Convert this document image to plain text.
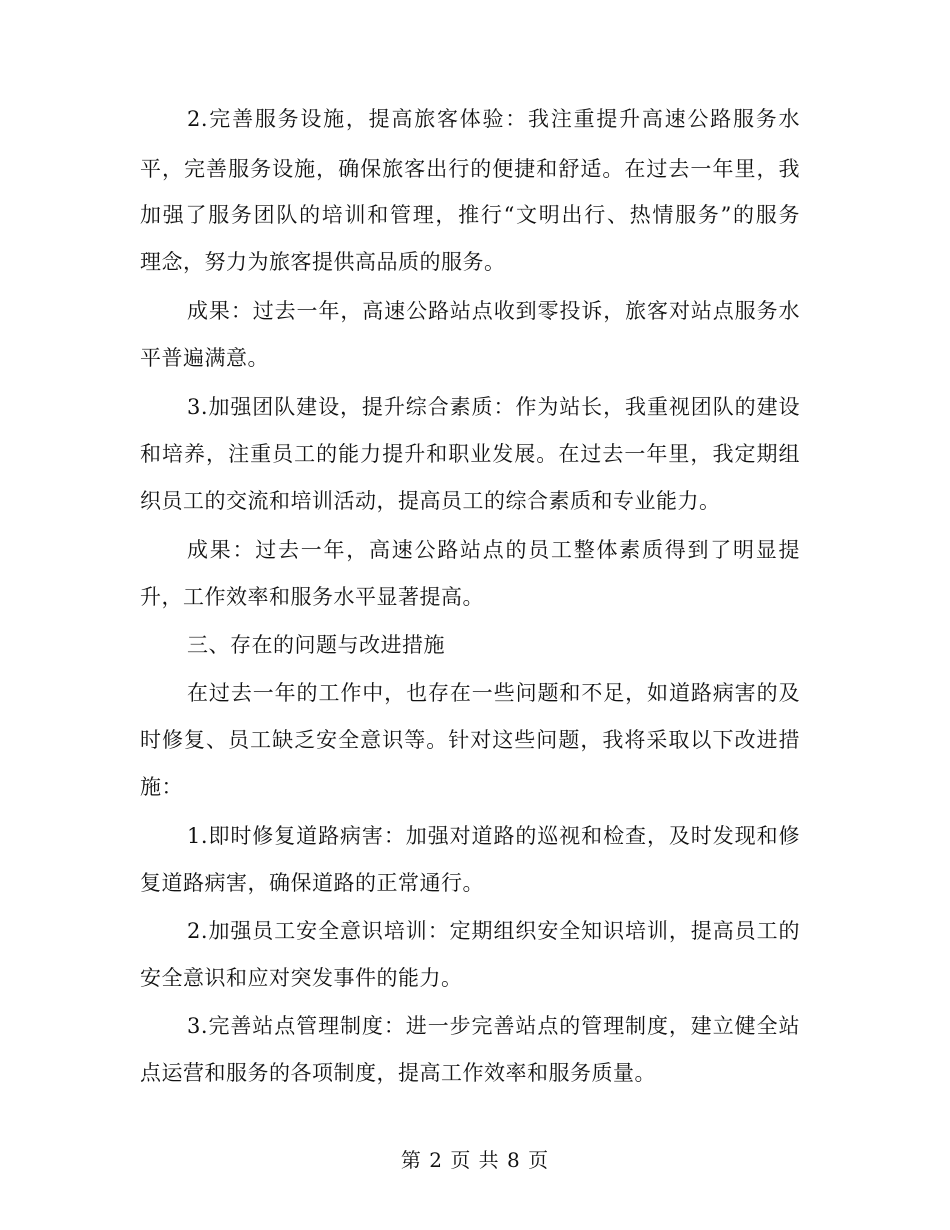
2.完善服务设施，提高旅客体验：我注重提升高速公路服务水
平，完善服务设施，确保旅客出行的便捷和舒适。在过去一年里，我
加强了服务团队的培训和管理，推行“文明出行、热情服务”的服务
理念，努力为旅客提供高品质的服务。
成果：过去一年，高速公路站点收到零投诉，旅客对站点服务水
平普遍满意。
3.加强团队建设，提升综合素质：作为站长，我重视团队的建设
和培养，注重员工的能力提升和职业发展。在过去一年里，我定期组
织员工的交流和培训活动，提高员工的综合素质和专业能力。
成果：过去一年，高速公路站点的员工整体素质得到了明显提
升，工作效率和服务水平显著提高。
三、存在的问题与改进措施
在过去一年的工作中，也存在一些问题和不足，如道路病害的及
时修复、员工缺乏安全意识等。针对这些问题，我将采取以下改进措
施：
1.即时修复道路病害：加强对道路的巡视和检查，及时发现和修
复道路病害，确保道路的正常通行。
2.加强员工安全意识培训：定期组织安全知识培训，提高员工的
安全意识和应对突发事件的能力。
3.完善站点管理制度：进一步完善站点的管理制度，建立健全站
点运营和服务的各项制度，提高工作效率和服务质量。
第 2 页 共 8 页
